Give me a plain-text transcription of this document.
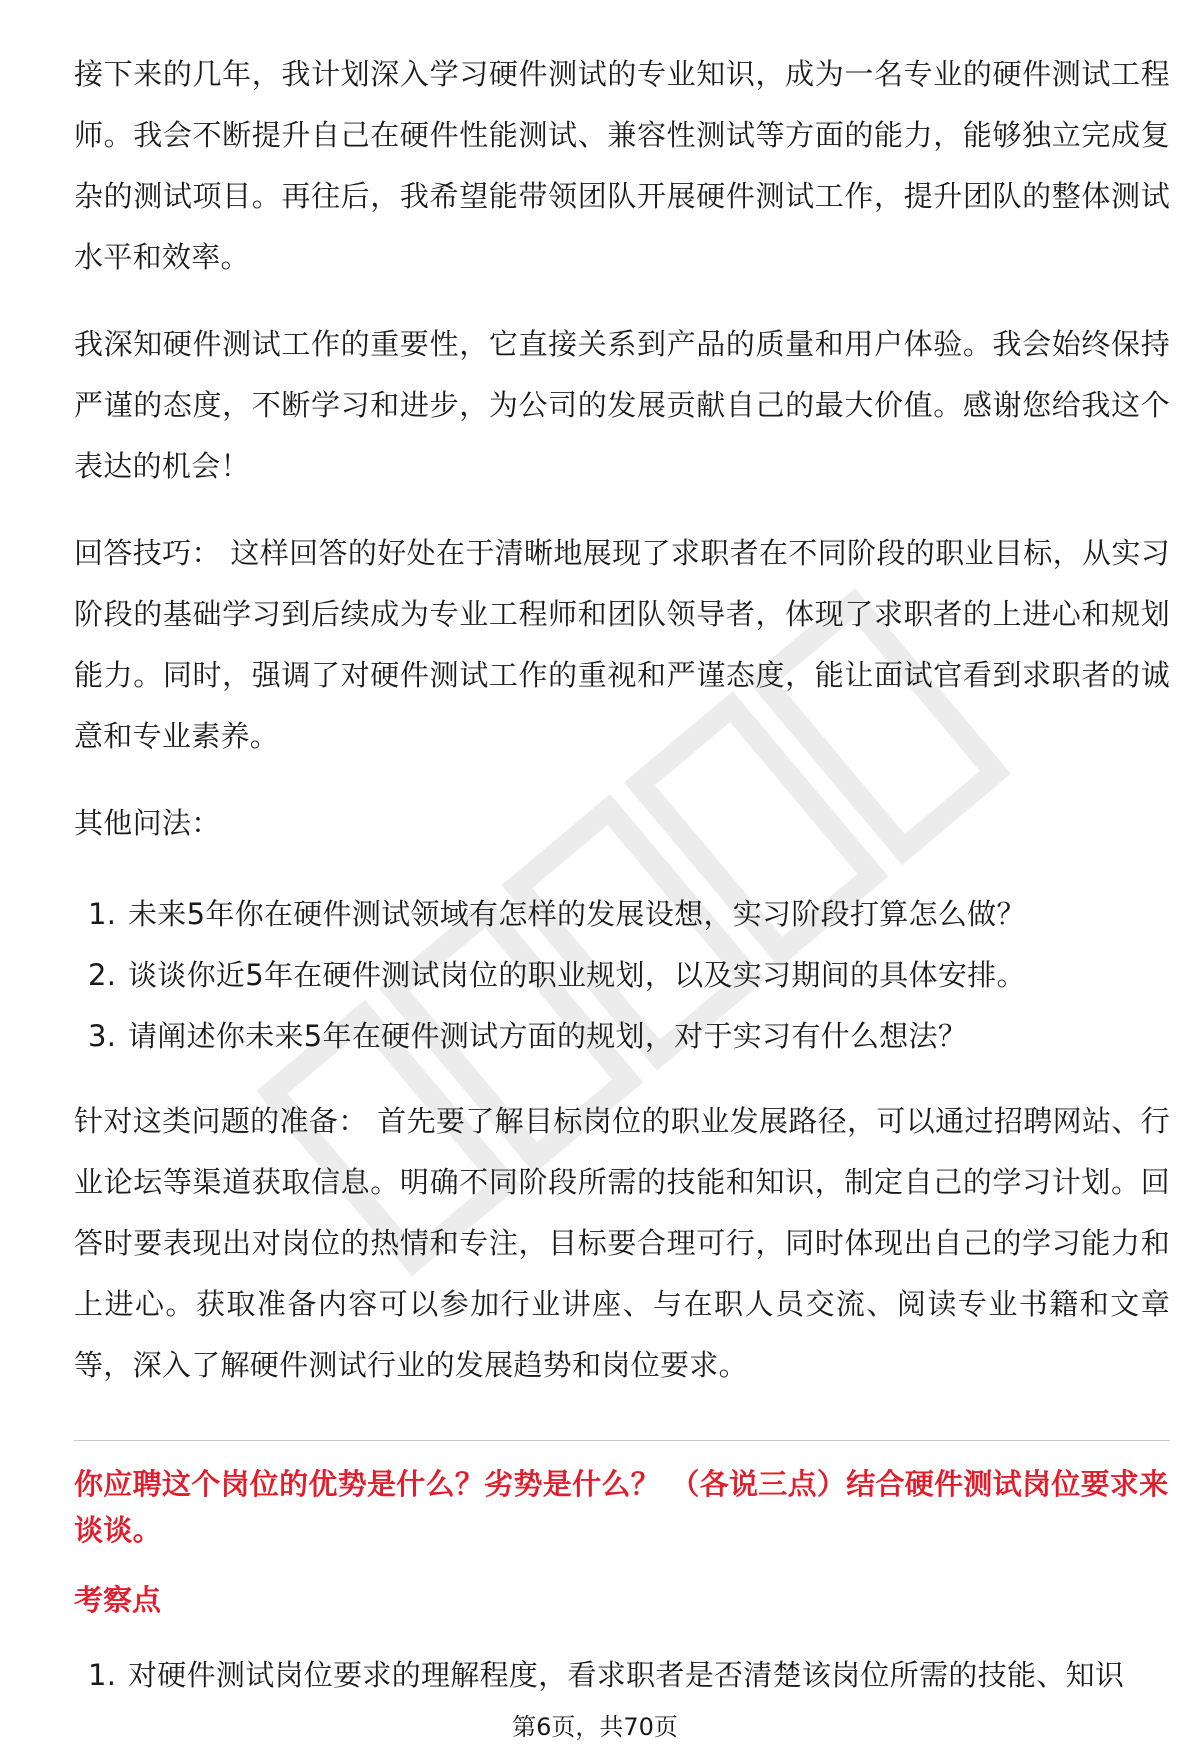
接下来的几年，我计划深入学习硬件测试的专业知识，成为一名专业的硬件测试工程师。我会不断提升自己在硬件性能测试、兼容性测试等方面的能力，能够独立完成复杂的测试项目。再往后，我希望能带领团队开展硬件测试工作，提升团队的整体测试水平和效率。

我深知硬件测试工作的重要性，它直接关系到产品的质量和用户体验。我会始终保持严谨的态度，不断学习和进步，为公司的发展贡献自己的最大价值。感谢您给我这个表达的机会！

回答技巧： 这样回答的好处在于清晰地展现了求职者在不同阶段的职业目标，从实习阶段的基础学习到后续成为专业工程师和团队领导者，体现了求职者的上进心和规划能力。同时，强调了对硬件测试工作的重视和严谨态度，能让面试官看到求职者的诚意和专业素养。

其他问法：

1. 未来5年你在硬件测试领域有怎样的发展设想，实习阶段打算怎么做？
2. 谈谈你近5年在硬件测试岗位的职业规划，以及实习期间的具体安排。
3. 请阐述你未来5年在硬件测试方面的规划，对于实习有什么想法？

针对这类问题的准备： 首先要了解目标岗位的职业发展路径，可以通过招聘网站、行业论坛等渠道获取信息。明确不同阶段所需的技能和知识，制定自己的学习计划。回答时要表现出对岗位的热情和专注，目标要合理可行，同时体现出自己的学习能力和上进心。获取准备内容可以参加行业讲座、与在职人员交流、阅读专业书籍和文章等，深入了解硬件测试行业的发展趋势和岗位要求。

你应聘这个岗位的优势是什么？劣势是什么？ （各说三点）结合硬件测试岗位要求来谈谈。
考察点
1. 对硬件测试岗位要求的理解程度，看求职者是否清楚该岗位所需的技能、知识
第6页，共70页
